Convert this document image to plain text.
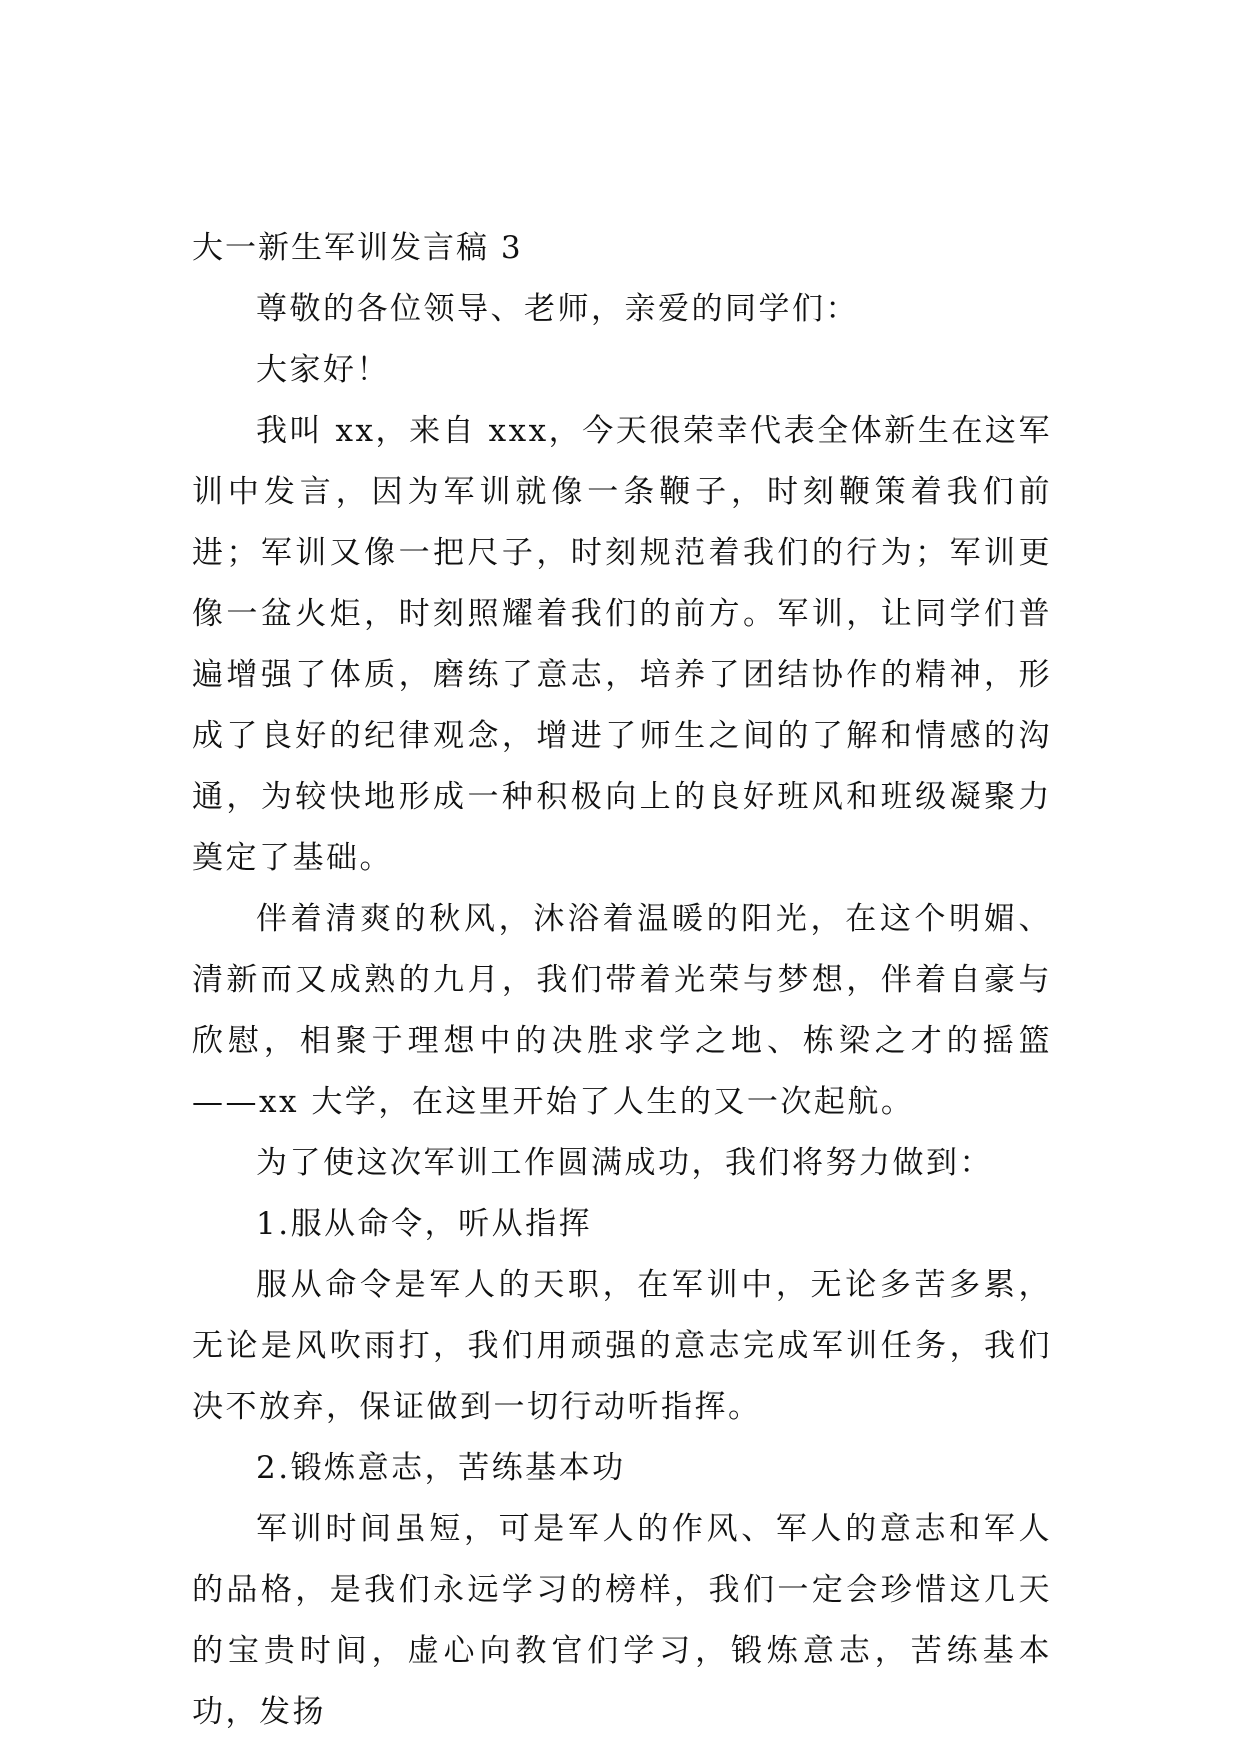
大一新生军训发言稿 3

尊敬的各位领导、老师，亲爱的同学们：

大家好！

我叫 xx，来自 xxx，今天很荣幸代表全体新生在这军训中发言，因为军训就像一条鞭子，时刻鞭策着我们前进；军训又像一把尺子，时刻规范着我们的行为；军训更像一盆火炬，时刻照耀着我们的前方。军训，让同学们普遍增强了体质，磨练了意志，培养了团结协作的精神，形成了良好的纪律观念，增进了师生之间的了解和情感的沟通，为较快地形成一种积极向上的良好班风和班级凝聚力奠定了基础。

伴着清爽的秋风，沐浴着温暖的阳光，在这个明媚、清新而又成熟的九月，我们带着光荣与梦想，伴着自豪与欣慰，相聚于理想中的决胜求学之地、栋梁之才的摇篮——xx 大学，在这里开始了人生的又一次起航。

为了使这次军训工作圆满成功，我们将努力做到：

1.服从命令，听从指挥

服从命令是军人的天职，在军训中，无论多苦多累，无论是风吹雨打，我们用顽强的意志完成军训任务，我们决不放弃，保证做到一切行动听指挥。

2.锻炼意志，苦练基本功

军训时间虽短，可是军人的作风、军人的意志和军人的品格，是我们永远学习的榜样，我们一定会珍惜这几天的宝贵时间，虚心向教官们学习，锻炼意志，苦练基本功，发扬
